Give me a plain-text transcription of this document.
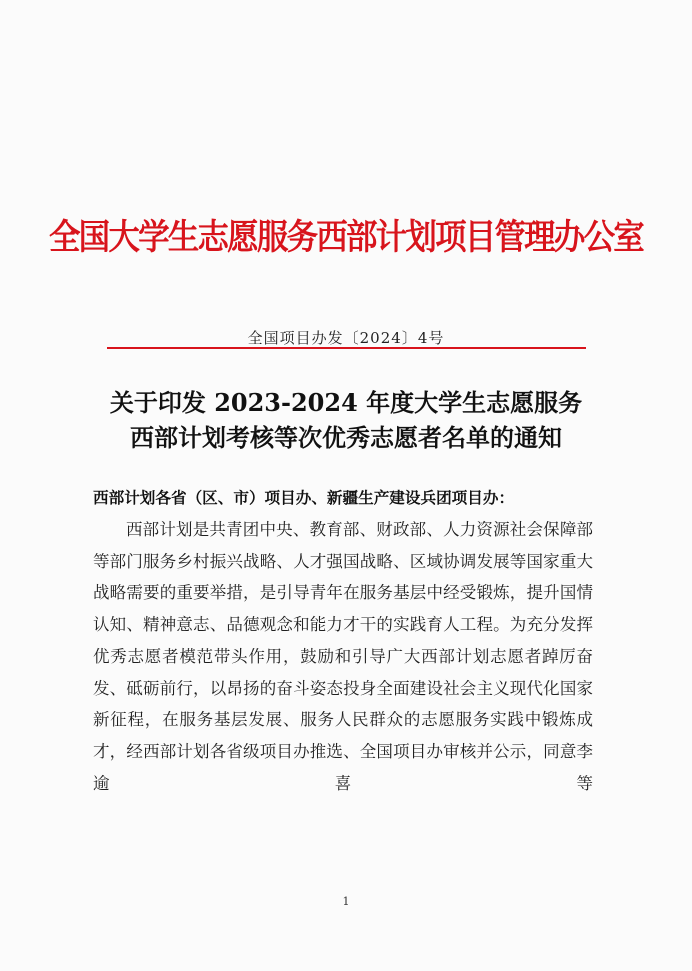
全国大学生志愿服务西部计划项目管理办公室
全国项目办发〔2024〕4号
关于印发 2023-2024 年度大学生志愿服务
西部计划考核等次优秀志愿者名单的通知
西部计划各省（区、市）项目办、新疆生产建设兵团项目办：

西部计划是共青团中央、教育部、财政部、人力资源社会保障部等部门服务乡村振兴战略、人才强国战略、区域协调发展等国家重大战略需要的重要举措，是引导青年在服务基层中经受锻炼，提升国情认知、精神意志、品德观念和能力才干的实践育人工程。为充分发挥优秀志愿者模范带头作用，鼓励和引导广大西部计划志愿者踔厉奋发、砥砺前行，以昂扬的奋斗姿态投身全面建设社会主义现代化国家新征程，在服务基层发展、服务人民群众的志愿服务实践中锻炼成才，经西部计划各省级项目办推选、全国项目办审核并公示，同意李逾喜等

1
